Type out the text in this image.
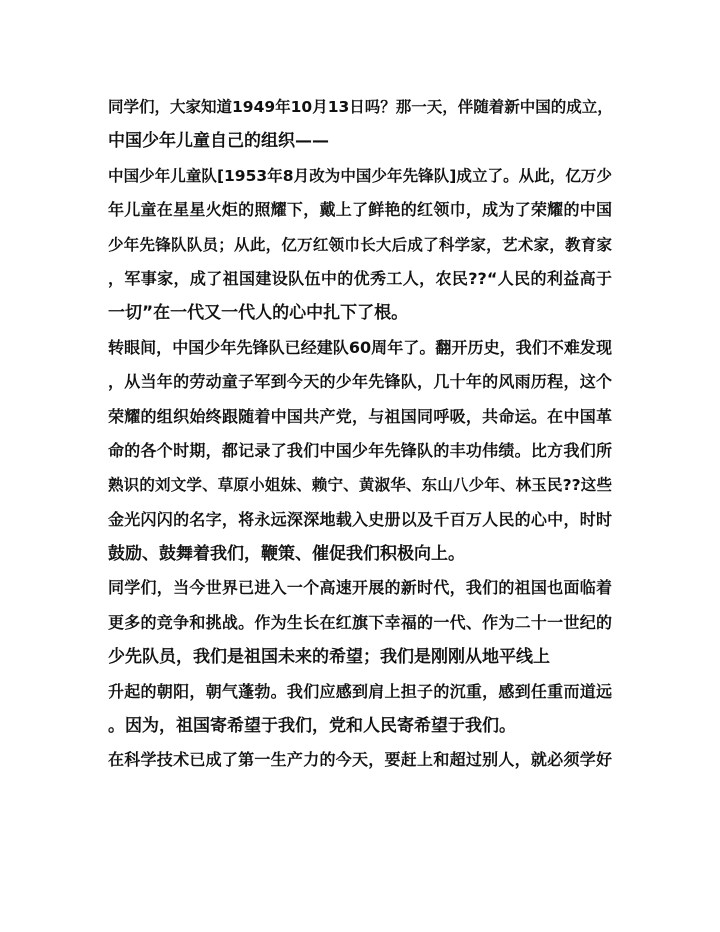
同学们，大家知道1949年10月13日吗？那一天，伴随着新中国的成立，
中国少年儿童自己的组织——
中国少年儿童队[1953年8月改为中国少年先锋队]成立了。从此，亿万少
年儿童在星星火炬的照耀下，戴上了鲜艳的红领巾，成为了荣耀的中国
少年先锋队队员；从此，亿万红领巾长大后成了科学家，艺术家，教育家
，军事家，成了祖国建设队伍中的优秀工人，农民??“人民的利益高于
一切”在一代又一代人的心中扎下了根。
转眼间，中国少年先锋队已经建队60周年了。翻开历史，我们不难发现
，从当年的劳动童子军到今天的少年先锋队，几十年的风雨历程，这个
荣耀的组织始终跟随着中国共产党，与祖国同呼吸，共命运。在中国革
命的各个时期，都记录了我们中国少年先锋队的丰功伟绩。比方我们所
熟识的刘文学、草原小姐妹、赖宁、黄淑华、东山八少年、林玉民??这些
金光闪闪的名字，将永远深深地载入史册以及千百万人民的心中，时时
鼓励、鼓舞着我们，鞭策、催促我们积极向上。
同学们，当今世界已进入一个高速开展的新时代，我们的祖国也面临着
更多的竞争和挑战。作为生长在红旗下幸福的一代、作为二十一世纪的
少先队员，我们是祖国未来的希望；我们是刚刚从地平线上
升起的朝阳，朝气蓬勃。我们应感到肩上担子的沉重，感到任重而道远
。因为，祖国寄希望于我们，党和人民寄希望于我们。
在科学技术已成了第一生产力的今天，要赶上和超过别人，就必须学好
